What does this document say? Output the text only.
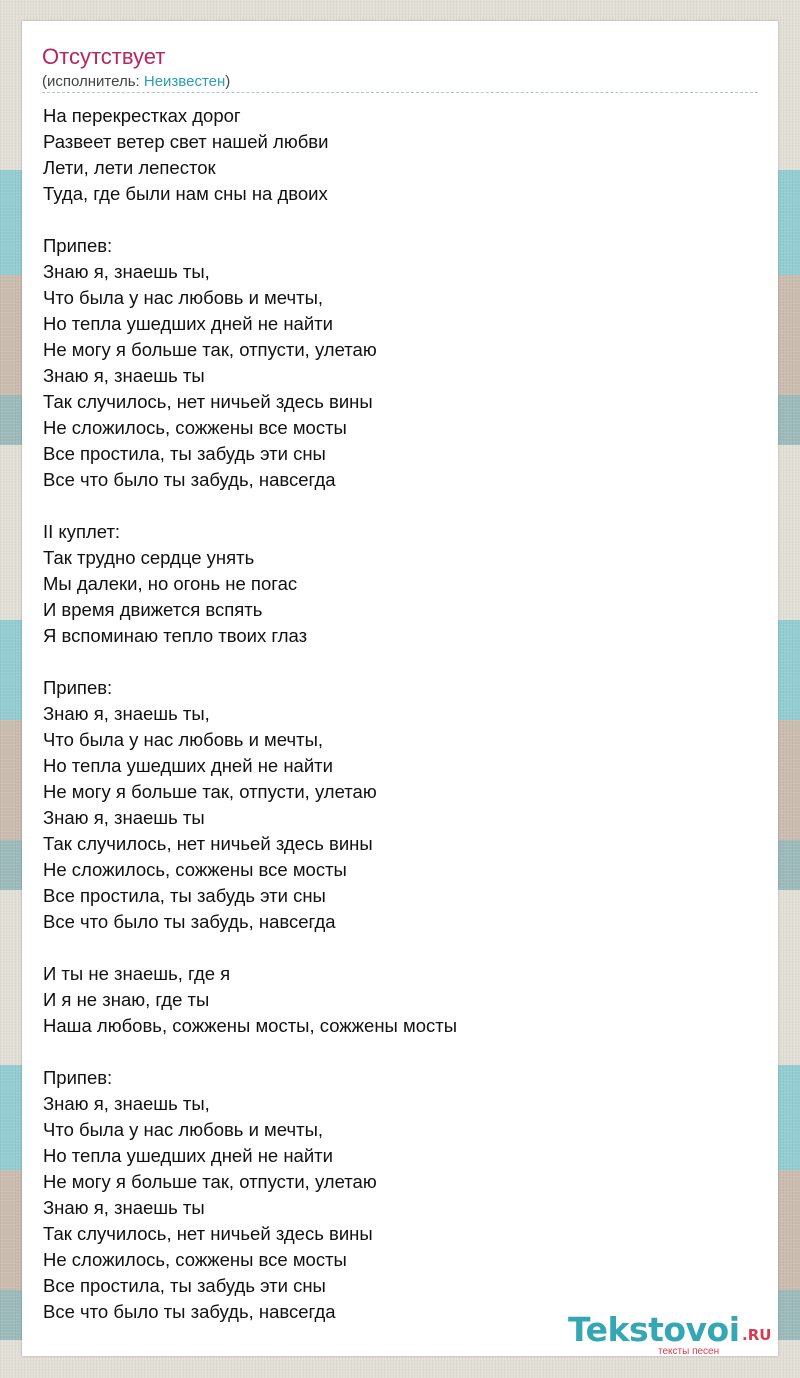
Отсутствует
(исполнитель: Неизвестен)
На перекрестках дорог
Развеет ветер свет нашей любви
Лети, лети лепесток
Туда, где были нам сны на двоих
Припев:
Знаю я, знаешь ты,
Что была у нас любовь и мечты,
Но тепла ушедших дней не найти
Не могу я больше так, отпусти, улетаю
Знаю я, знаешь ты
Так случилось, нет ничьей здесь вины
Не сложилось, сожжены все мосты
Все простила, ты забудь эти сны
Все что было ты забудь, навсегда
II куплет:
Так трудно сердце унять
Мы далеки, но огонь не погас
И время движется вспять
Я вспоминаю тепло твоих глаз
Припев:
Знаю я, знаешь ты,
Что была у нас любовь и мечты,
Но тепла ушедших дней не найти
Не могу я больше так, отпусти, улетаю
Знаю я, знаешь ты
Так случилось, нет ничьей здесь вины
Не сложилось, сожжены все мосты
Все простила, ты забудь эти сны
Все что было ты забудь, навсегда
И ты не знаешь, где я
И я не знаю, где ты
Наша любовь, сожжены мосты, сожжены мосты
Припев:
Знаю я, знаешь ты,
Что была у нас любовь и мечты,
Но тепла ушедших дней не найти
Не могу я больше так, отпусти, улетаю
Знаю я, знаешь ты
Так случилось, нет ничьей здесь вины
Не сложилось, сожжены все мосты
Все простила, ты забудь эти сны
Все что было ты забудь, навсегда	Tekstovoi .RU
тексты песен
